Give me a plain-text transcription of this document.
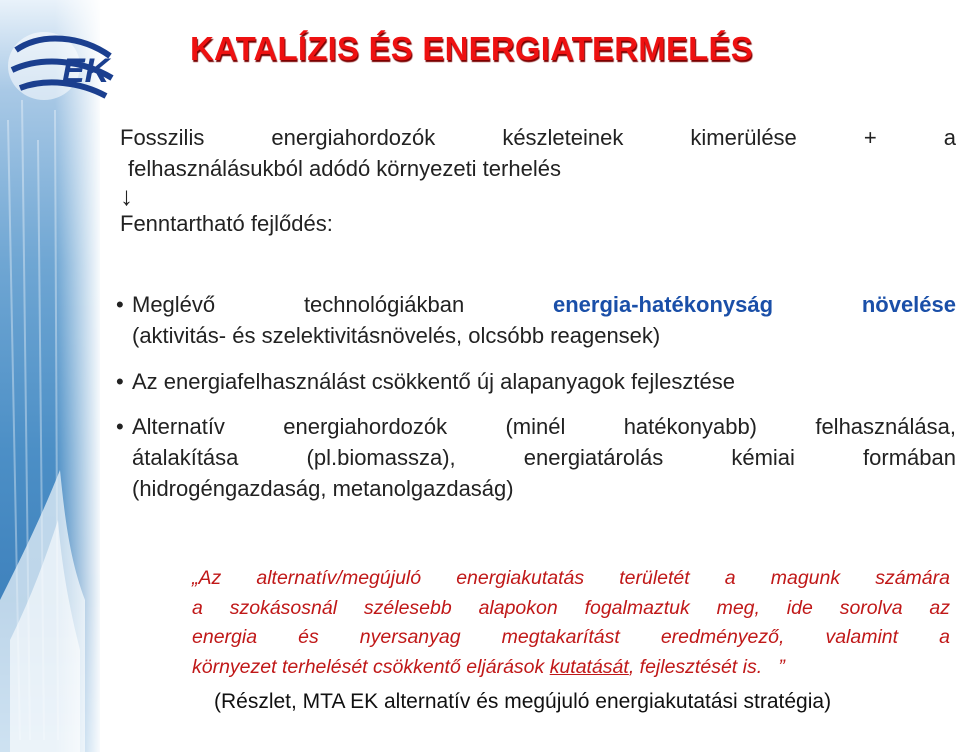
EK
KATALÍZIS ÉS ENERGIATERMELÉS
Fosszilis	energiahordozók	készleteinek	kimerülése	+	a
felhasználásukból adódó környezeti terhelés
↓
Fenntartható fejlődés:
• Meglévő	technológiákban	energia-hatékonyság	növelése
(aktivitás- és szelektivitásnövelés, olcsóbb reagensek)
• Az energiafelhasználást csökkentő új alapanyagok fejlesztése
• Alternatív	energiahordozók	(minél	hatékonyabb)	felhasználása,
átalakítása	(pl.biomassza),	energiatárolás	kémiai	formában
(hidrogéngazdaság, metanolgazdaság)
„Az alternatív/megújuló energiakutatás területét a magunk számára
a szokásosnál szélesebb alapokon fogalmaztuk meg, ide sorolva az
energia és nyersanyag megtakarítást eredményező, valamint a
környezet terhelését csökkentő eljárások kutatását, fejlesztését is. ”
(Részlet, MTA EK alternatív és megújuló energiakutatási stratégia)
